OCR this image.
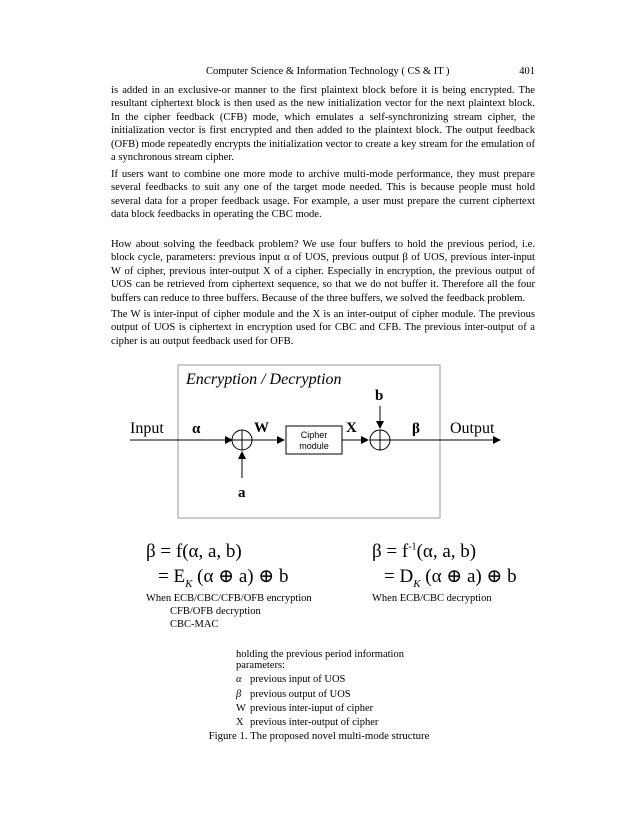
Computer Science & Information Technology ( CS & IT )	401

is added in an exclusive-or manner to the first plaintext block before it is being encrypted. The resultant ciphertext block is then used as the new initialization vector for the next plaintext block. In the cipher feedback (CFB) mode, which emulates a self-synchronizing stream cipher, the initialization vector is first encrypted and then added to the plaintext block. The output feedback (OFB) mode repeatedly encrypts the initialization vector to create a key stream for the emulation of a synchronous stream cipher.

If users want to combine one more mode to archive multi-mode performance, they must prepare several feedbacks to suit any one of the target mode needed. This is because people must hold several data for a proper feedback usage. For example, a user must prepare the current ciphertext data block feedbacks in operating the CBC mode.

How about solving the feedback problem? We use four buffers to hold the previous period, i.e. block cycle, parameters: previous input α of UOS, previous output β of UOS, previous inter-input W of cipher, previous inter-output X of a cipher. Especially in encryption, the previous output of UOS can be retrieved from ciphertext sequence, so that we do not buffer it. Therefore all the four buffers can reduce to three buffers. Because of the three buffers, we solved the feedback problem.

The W is inter-input of cipher module and the X is an inter-output of cipher module. The previous output of UOS is ciphertext in encryption used for CBC and CFB. The previous inter-output of a cipher is au output feedback used for OFB.

Encryption / Decryption
Input α
a
W	Cipher
module
X
b
β Output
β = f(α, a, b)
= $E_K$ (α ⊕ a) ⊕ b
When ECB/CBC/CFB/OFB encryption
CFB/OFB decryption
CBC-MAC
$\beta = f^{-1}(\alpha$, a, b)
= $D_K$ (α ⊕ a) ⊕ b
When ECB/CBC decryption
holding the previous period information
parameters:
α previous input of UOS
β previous output of UOS
W previous inter-iuput of cipher
X previous inter-output of cipher
Figure 1. The proposed novel multi-mode structure
